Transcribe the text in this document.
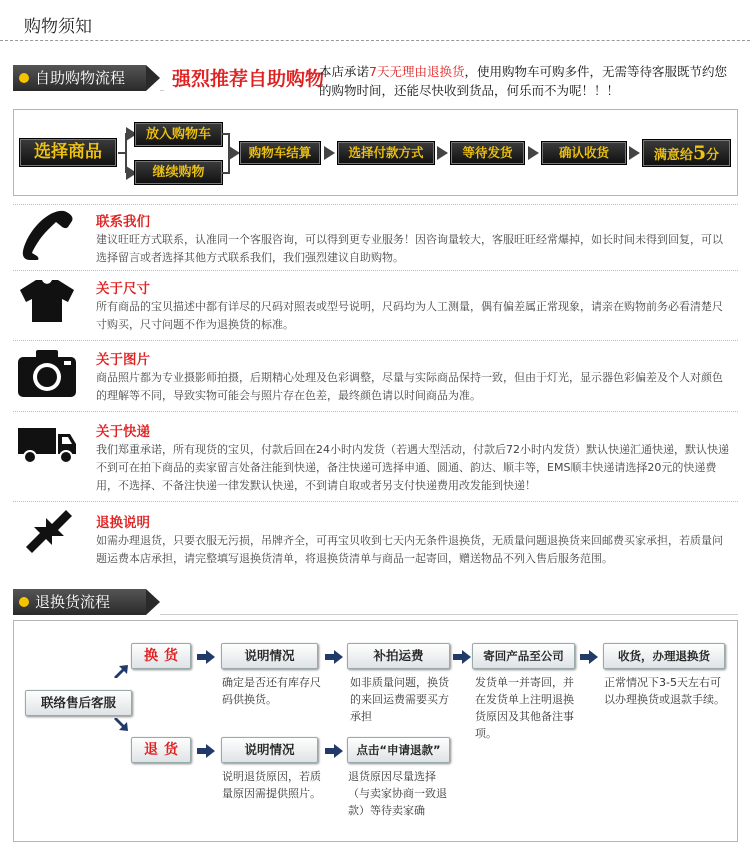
购物须知
自助购物流程	强烈推荐自助购物
本店承诺7天无理由退换货，使用购物车可购多件，无需等待客服既节约您的购物时间，还能尽快收到货品，何乐而不为呢！！！
选择商品
放入购物车
继续购物
购物车结算	选择付款方式	等待发货	确认收货	满意给5分
联系我们
建议旺旺方式联系，认准同一个客服咨询，可以得到更专业服务！因咨询量较大，客服旺旺经常爆掉，如长时间未得到回复，可以选择留言或者选择其他方式联系我们，我们强烈建议自助购物。
关于尺寸
所有商品的宝贝描述中都有详尽的尺码对照表或型号说明，尺码均为人工测量，偶有偏差属正常现象，请亲在购物前务必看清楚尺寸购买，尺寸问题不作为退换货的标准。
关于图片
商品照片都为专业摄影师拍摄，后期精心处理及色彩调整，尽量与实际商品保持一致，但由于灯光，显示器色彩偏差及个人对颜色的理解等不同，导致实物可能会与照片存在色差，最终颜色请以时间商品为准。
关于快递
我们郑重承诺，所有现货的宝贝，付款后回在24小时内发货（若遇大型活动，付款后72小时内发货）默认快递汇通快递，默认快递不到可在拍下商品的卖家留言处备注能到快递，备注快递可选择申通、圆通、韵达、顺丰等，EMS顺丰快递请选择20元的快递费用，不选择、不备注快递一律发默认快递，不到请自取或者另支付快递费用改发能到快递！
退换说明
如需办理退货，只要衣服无污损，吊牌齐全，可再宝贝收到七天内无条件退换货，无质量问题退换货来回邮费买家承担，若质量问题运费本店承担，请完整填写退换货清单，将退换货清单与商品一起寄回，赠送物品不列入售后服务范围。
退换货流程
联络售后客服
换货
退货
说明情况
确定是否还有库存尺码供换货。
说明情况
说明退货原因，若质量原因需提供照片。
补拍运费
如非质量问题，换货的来回运费需要买方承担
点击“申请退款”
退货原因尽量选择（与卖家协商一致退款）等待卖家确
寄回产品至公司
发货单一并寄回，并在发货单上注明退换货原因及其他备注事项。
收货，办理退换货
正常情况下3-5天左右可以办理换货或退款手续。
